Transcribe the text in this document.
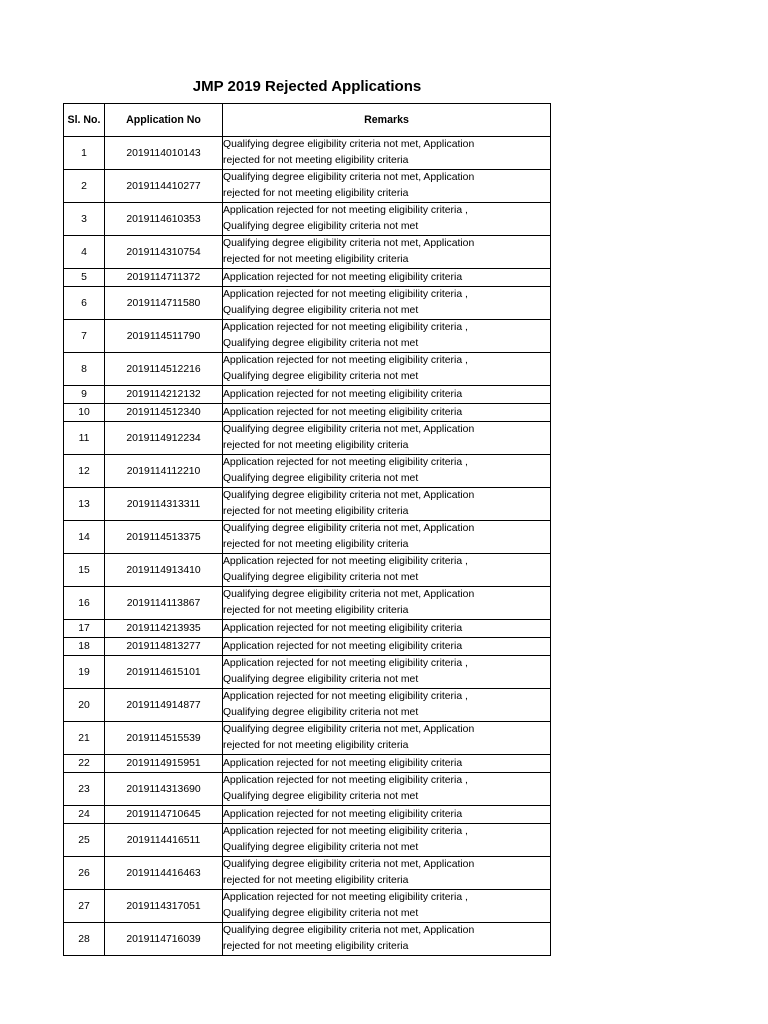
JMP 2019 Rejected Applications
Sl. No.	Application No	Remarks
1	2019114010143	Qualifying degree eligibility criteria not met, Application
rejected for not meeting eligibility criteria

2	2019114410277	Qualifying degree eligibility criteria not met, Application
rejected for not meeting eligibility criteria

3	2019114610353	Application rejected for not meeting eligibility criteria ,
Qualifying degree eligibility criteria not met

4	2019114310754	Qualifying degree eligibility criteria not met, Application
rejected for not meeting eligibility criteria

5	2019114711372	Application rejected for not meeting eligibility criteria

6	2019114711580	Application rejected for not meeting eligibility criteria ,
Qualifying degree eligibility criteria not met

7	2019114511790	Application rejected for not meeting eligibility criteria ,
Qualifying degree eligibility criteria not met

8	2019114512216	Application rejected for not meeting eligibility criteria ,
Qualifying degree eligibility criteria not met

9	2019114212132	Application rejected for not meeting eligibility criteria

10	2019114512340	Application rejected for not meeting eligibility criteria

11	2019114912234	Qualifying degree eligibility criteria not met, Application
rejected for not meeting eligibility criteria

12	2019114112210	Application rejected for not meeting eligibility criteria ,
Qualifying degree eligibility criteria not met

13	2019114313311	Qualifying degree eligibility criteria not met, Application
rejected for not meeting eligibility criteria

14	2019114513375	Qualifying degree eligibility criteria not met, Application
rejected for not meeting eligibility criteria

15	2019114913410	Application rejected for not meeting eligibility criteria ,
Qualifying degree eligibility criteria not met

16	2019114113867	Qualifying degree eligibility criteria not met, Application
rejected for not meeting eligibility criteria

17	2019114213935	Application rejected for not meeting eligibility criteria

18	2019114813277	Application rejected for not meeting eligibility criteria

19	2019114615101	Application rejected for not meeting eligibility criteria ,
Qualifying degree eligibility criteria not met

20	2019114914877	Application rejected for not meeting eligibility criteria ,
Qualifying degree eligibility criteria not met

21	2019114515539	Qualifying degree eligibility criteria not met, Application
rejected for not meeting eligibility criteria

22	2019114915951	Application rejected for not meeting eligibility criteria

23	2019114313690	Application rejected for not meeting eligibility criteria ,
Qualifying degree eligibility criteria not met

24	2019114710645	Application rejected for not meeting eligibility criteria

25	2019114416511	Application rejected for not meeting eligibility criteria ,
Qualifying degree eligibility criteria not met

26	2019114416463	Qualifying degree eligibility criteria not met, Application
rejected for not meeting eligibility criteria

27	2019114317051	Application rejected for not meeting eligibility criteria ,
Qualifying degree eligibility criteria not met

28	2019114716039	Qualifying degree eligibility criteria not met, Application
rejected for not meeting eligibility criteria
